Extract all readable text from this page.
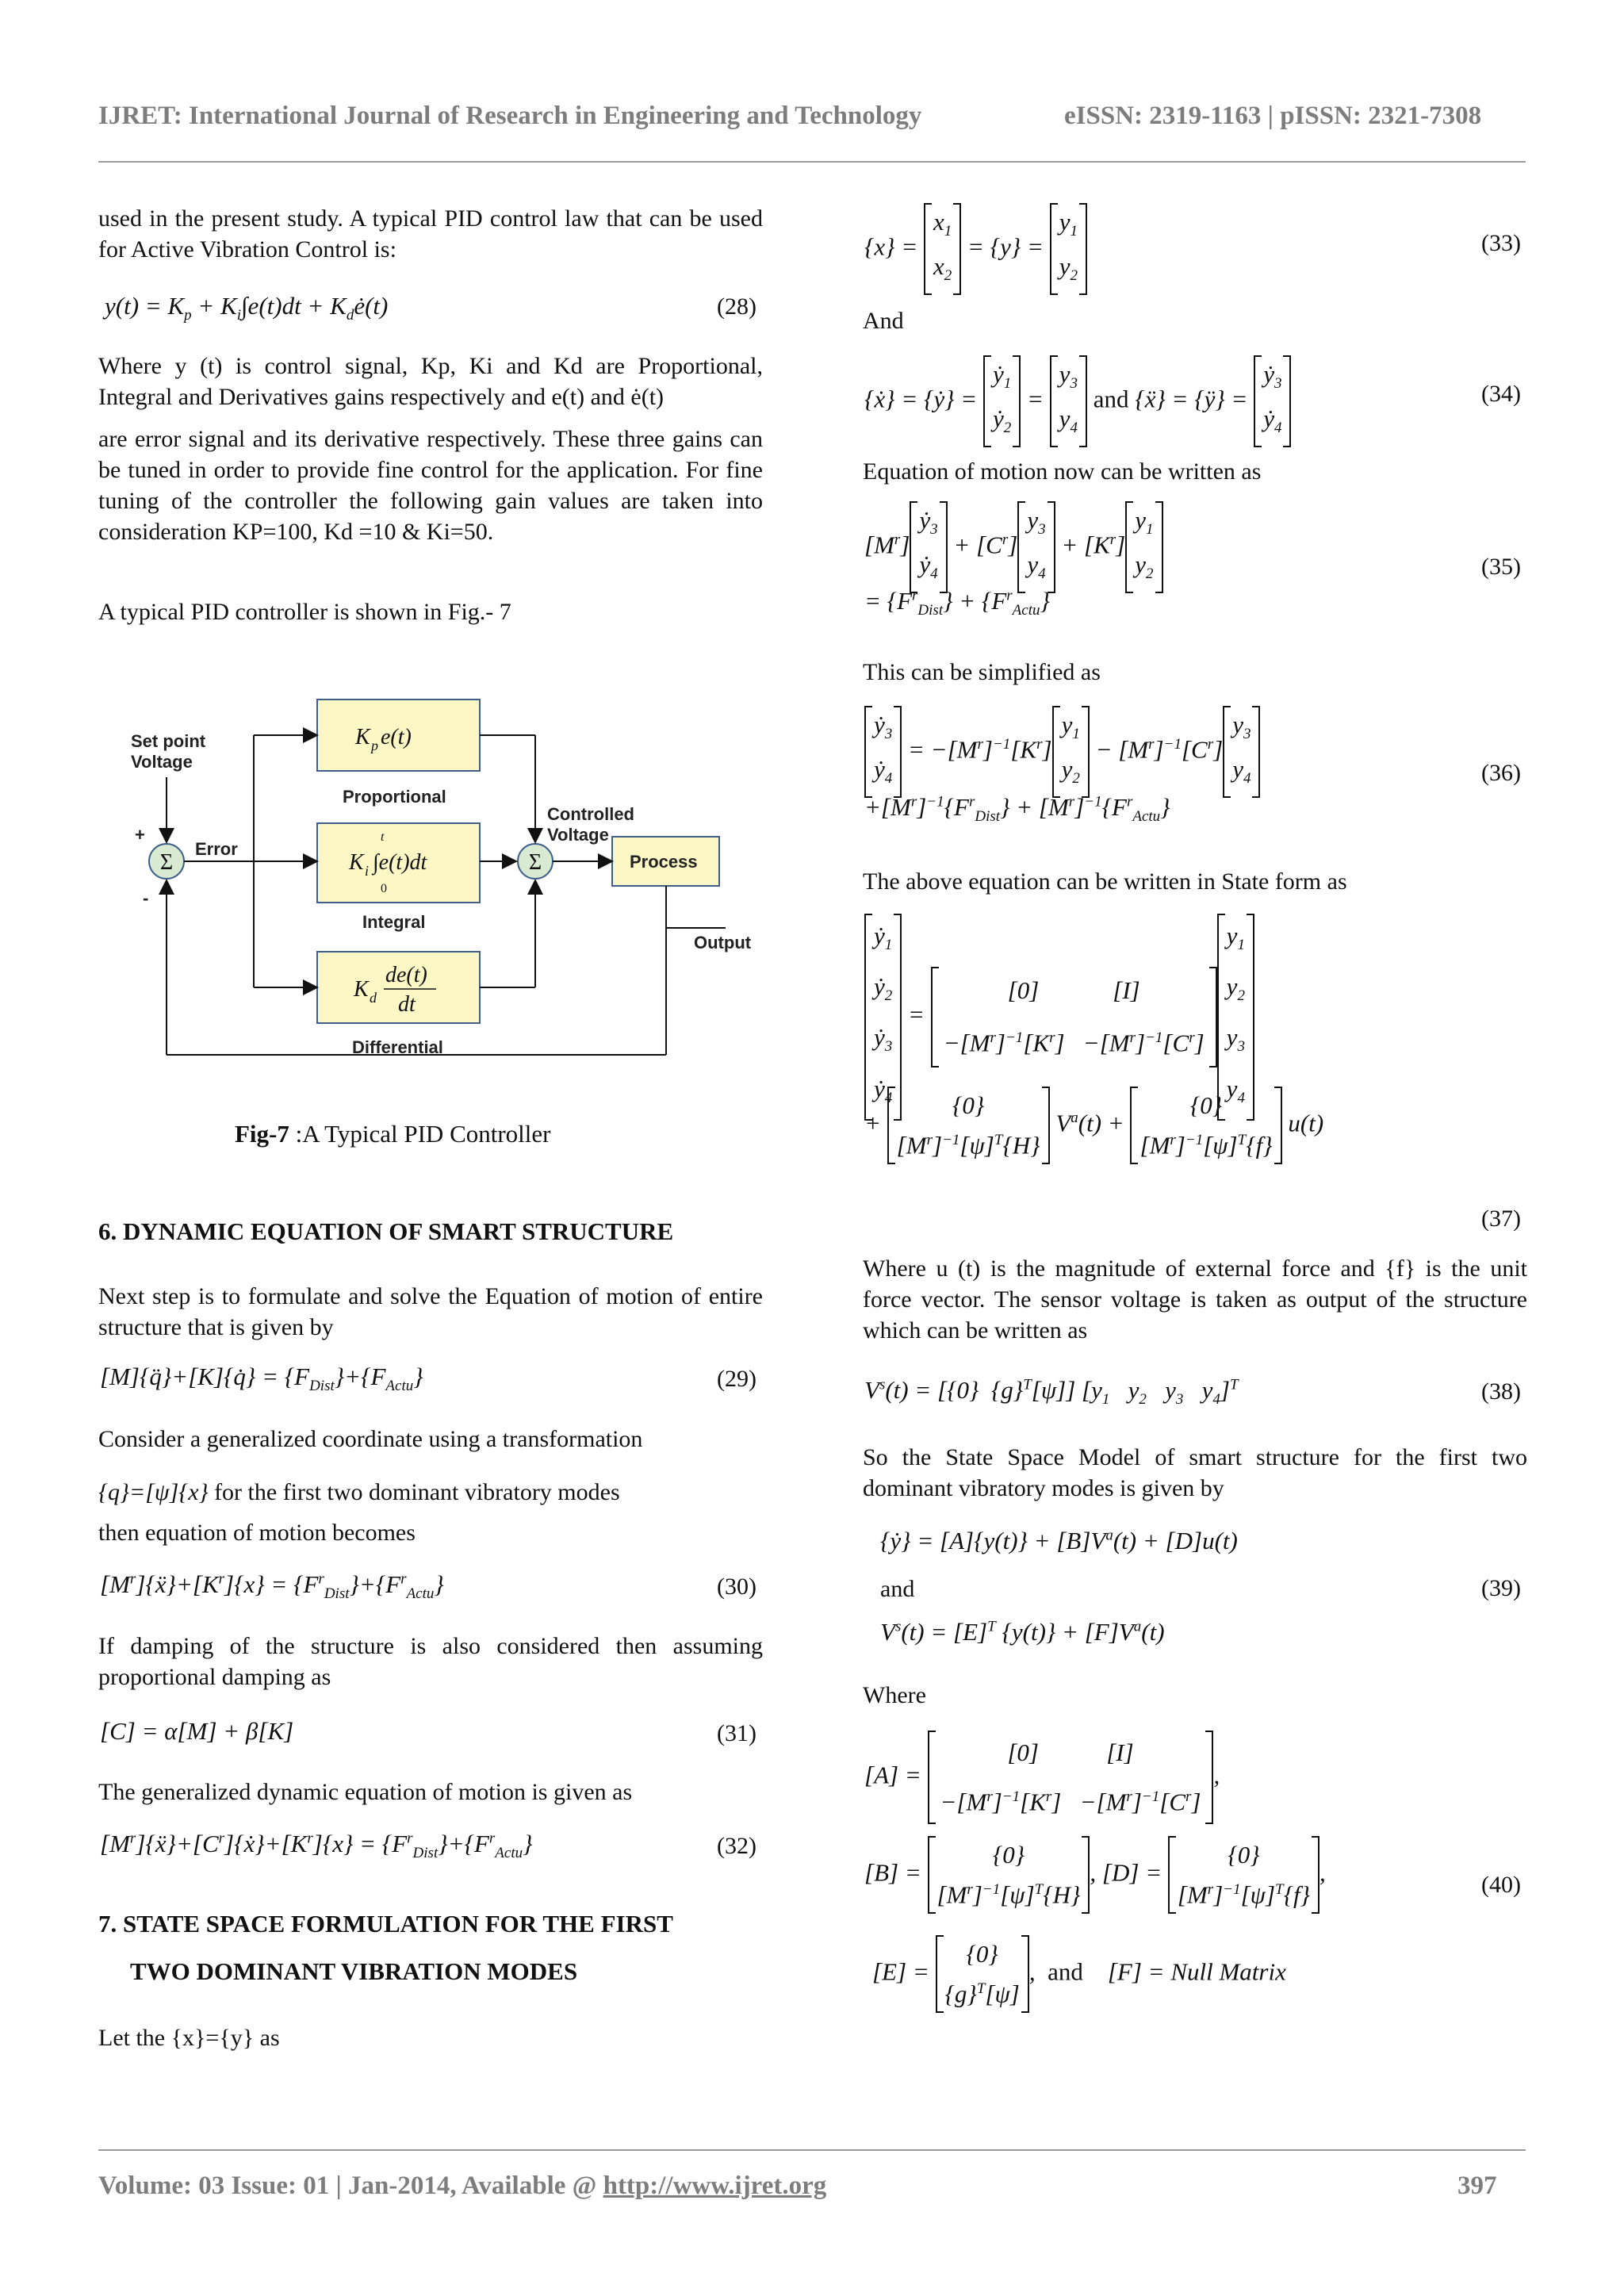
IJRET: International Journal of Research in Engineering and Technology	eISSN: 2319-1163 | pISSN: 2321-7308
used in the present study. A typical PID control law that can be used for Active Vibration Control is:
$y(t) = K_p + K_i\int e(t)dt$ + $K_dė(t)$	(28)
Where y (t) is control signal, Kp, Ki and Kd are Proportional, Integral and Derivatives gains respectively and e(t) and ė(t)
are error signal and its derivative respectively. These three gains can be tuned in order to provide fine control for the application. For fine tuning of the controller the following gain values are taken into consideration KP=100, Kd =10 & Ki=50.
A typical PID controller is shown in Fig.- 7
Σ	Σ
Set point
Voltage
+
-
Error
Proportional
Integral
Differential
Controlled
Voltage
Process
Output
K p e(t)
K i ∫e(t)dt
t
0
K d
de(t)
dt
Fig-7 :A Typical PID Controller
6. DYNAMIC EQUATION OF SMART STRUCTURE
Next step is to formulate and solve the Equation of motion of entire structure that is given by
[M]{q̈}+[K]{q̇} = $\{F_{Dist}\}+\{F_{Actu}\}$	(29)
Consider a generalized coordinate using a transformation
{q}=[ψ]{x} for the first two dominant vibratory modes
then equation of motion becomes
$[M^r]\{ẍ\}+[K^r]\{x\} = \{F^r_{Dist}\}+\{F^r_{Actu}\}$	(30)
If damping of the structure is also considered then assuming proportional damping as
[C] = α[M] + β[K]	(31)
The generalized dynamic equation of motion is given as
$[M^r]\{ẍ\}+[C^r]\{ẋ\}+[K^r]\{x\} = \{F^r_{Dist}\}+\{F^r_{Actu}\}$	(32)
7. STATE SPACE FORMULATION FOR THE FIRST
TWO DOMINANT VIBRATION MODES
Let the {x}={y} as
{x} =
$x_1$
$x_2$
= {y} =
$y_1$
$y_2$
(33)
And
{ẋ} = {ẏ} =
ẏ$_1$
ẏ$_2$
=
$y_3$
$y_4$
and {ẍ} = {ÿ} =
ẏ$_3$
ẏ$_4$
(34)
Equation of motion now can be written as
$[M^r]$
ẏ$_3$
ẏ$_4$
+ $[C^r]$
$y_3$
$y_4$
+ $[K^r]$
$y_1$
$y_2$
= $\{F^r_{Dist}\} + \{F^r_{Actu}\}$
(35)
This can be simplified as
ẏ$_3$
ẏ$_4$
= $-[M^r]^{-1}[K^r]$
$y_1$
$y_2$
− $[M^r]^{-1}[C^r]$
$y_3$
$y_4$
$+[M^r]^{-1}\{F^r_{Dist}\} + [M^r]^{-1}\{F^r_{Actu}\}$
(36)
The above equation can be written in State form as
ẏ$_1$
ẏ$_2$
ẏ$_3$
ẏ$_4$
=
[0]            [I]
$-[M^r]^{-1}[K^r] -[M^r]^{-1}[C^r]$
$y_1$
$y_2$
$y_3$
$y_4$
+
{0}
$[M^r]^{-1}[\psi]^T\{H\}$
$V^a(t)$ +
{0}
$[M^r]^{-1}[\psi]^T\{f\}$
u(t)
(37)
Where u (t) is the magnitude of external force and {f} is the unit force vector. The sensor voltage is taken as output of the structure which can be written as
$V^s(t) = [\{0\}$  $\{g\}^T[\psi]$] [$y_1$ $y_2$ $y_3$ $y_4]^T$	(38)
So the State Space Model of smart structure for the first two dominant vibratory modes is given by
{ẏ} = $[A]\{y(t)\} + [B]V^a(t) + [D]u(t)$
and
$V^s(t) = [E]^T$ $\{y(t)\} + [F]V^a(t)$
(39)
Where
[A] =
[0]           [I]
$-[M^r]^{-1}[K^r] -[M^r]^{-1}[C^r]$
,
[B] =
{0}
$[M^r]^{-1}[\psi]^T\{H\}$
, [D] =
{0}
$[M^r]^{-1}[\psi]^T\{f\}$
,	(40)
[E] =
{0}
$\{g\}^T[\psi]$
,  and    [F] = Null Matrix
Volume: 03 Issue: 01 | Jan-2014, Available @ http://www.ijret.org	397
